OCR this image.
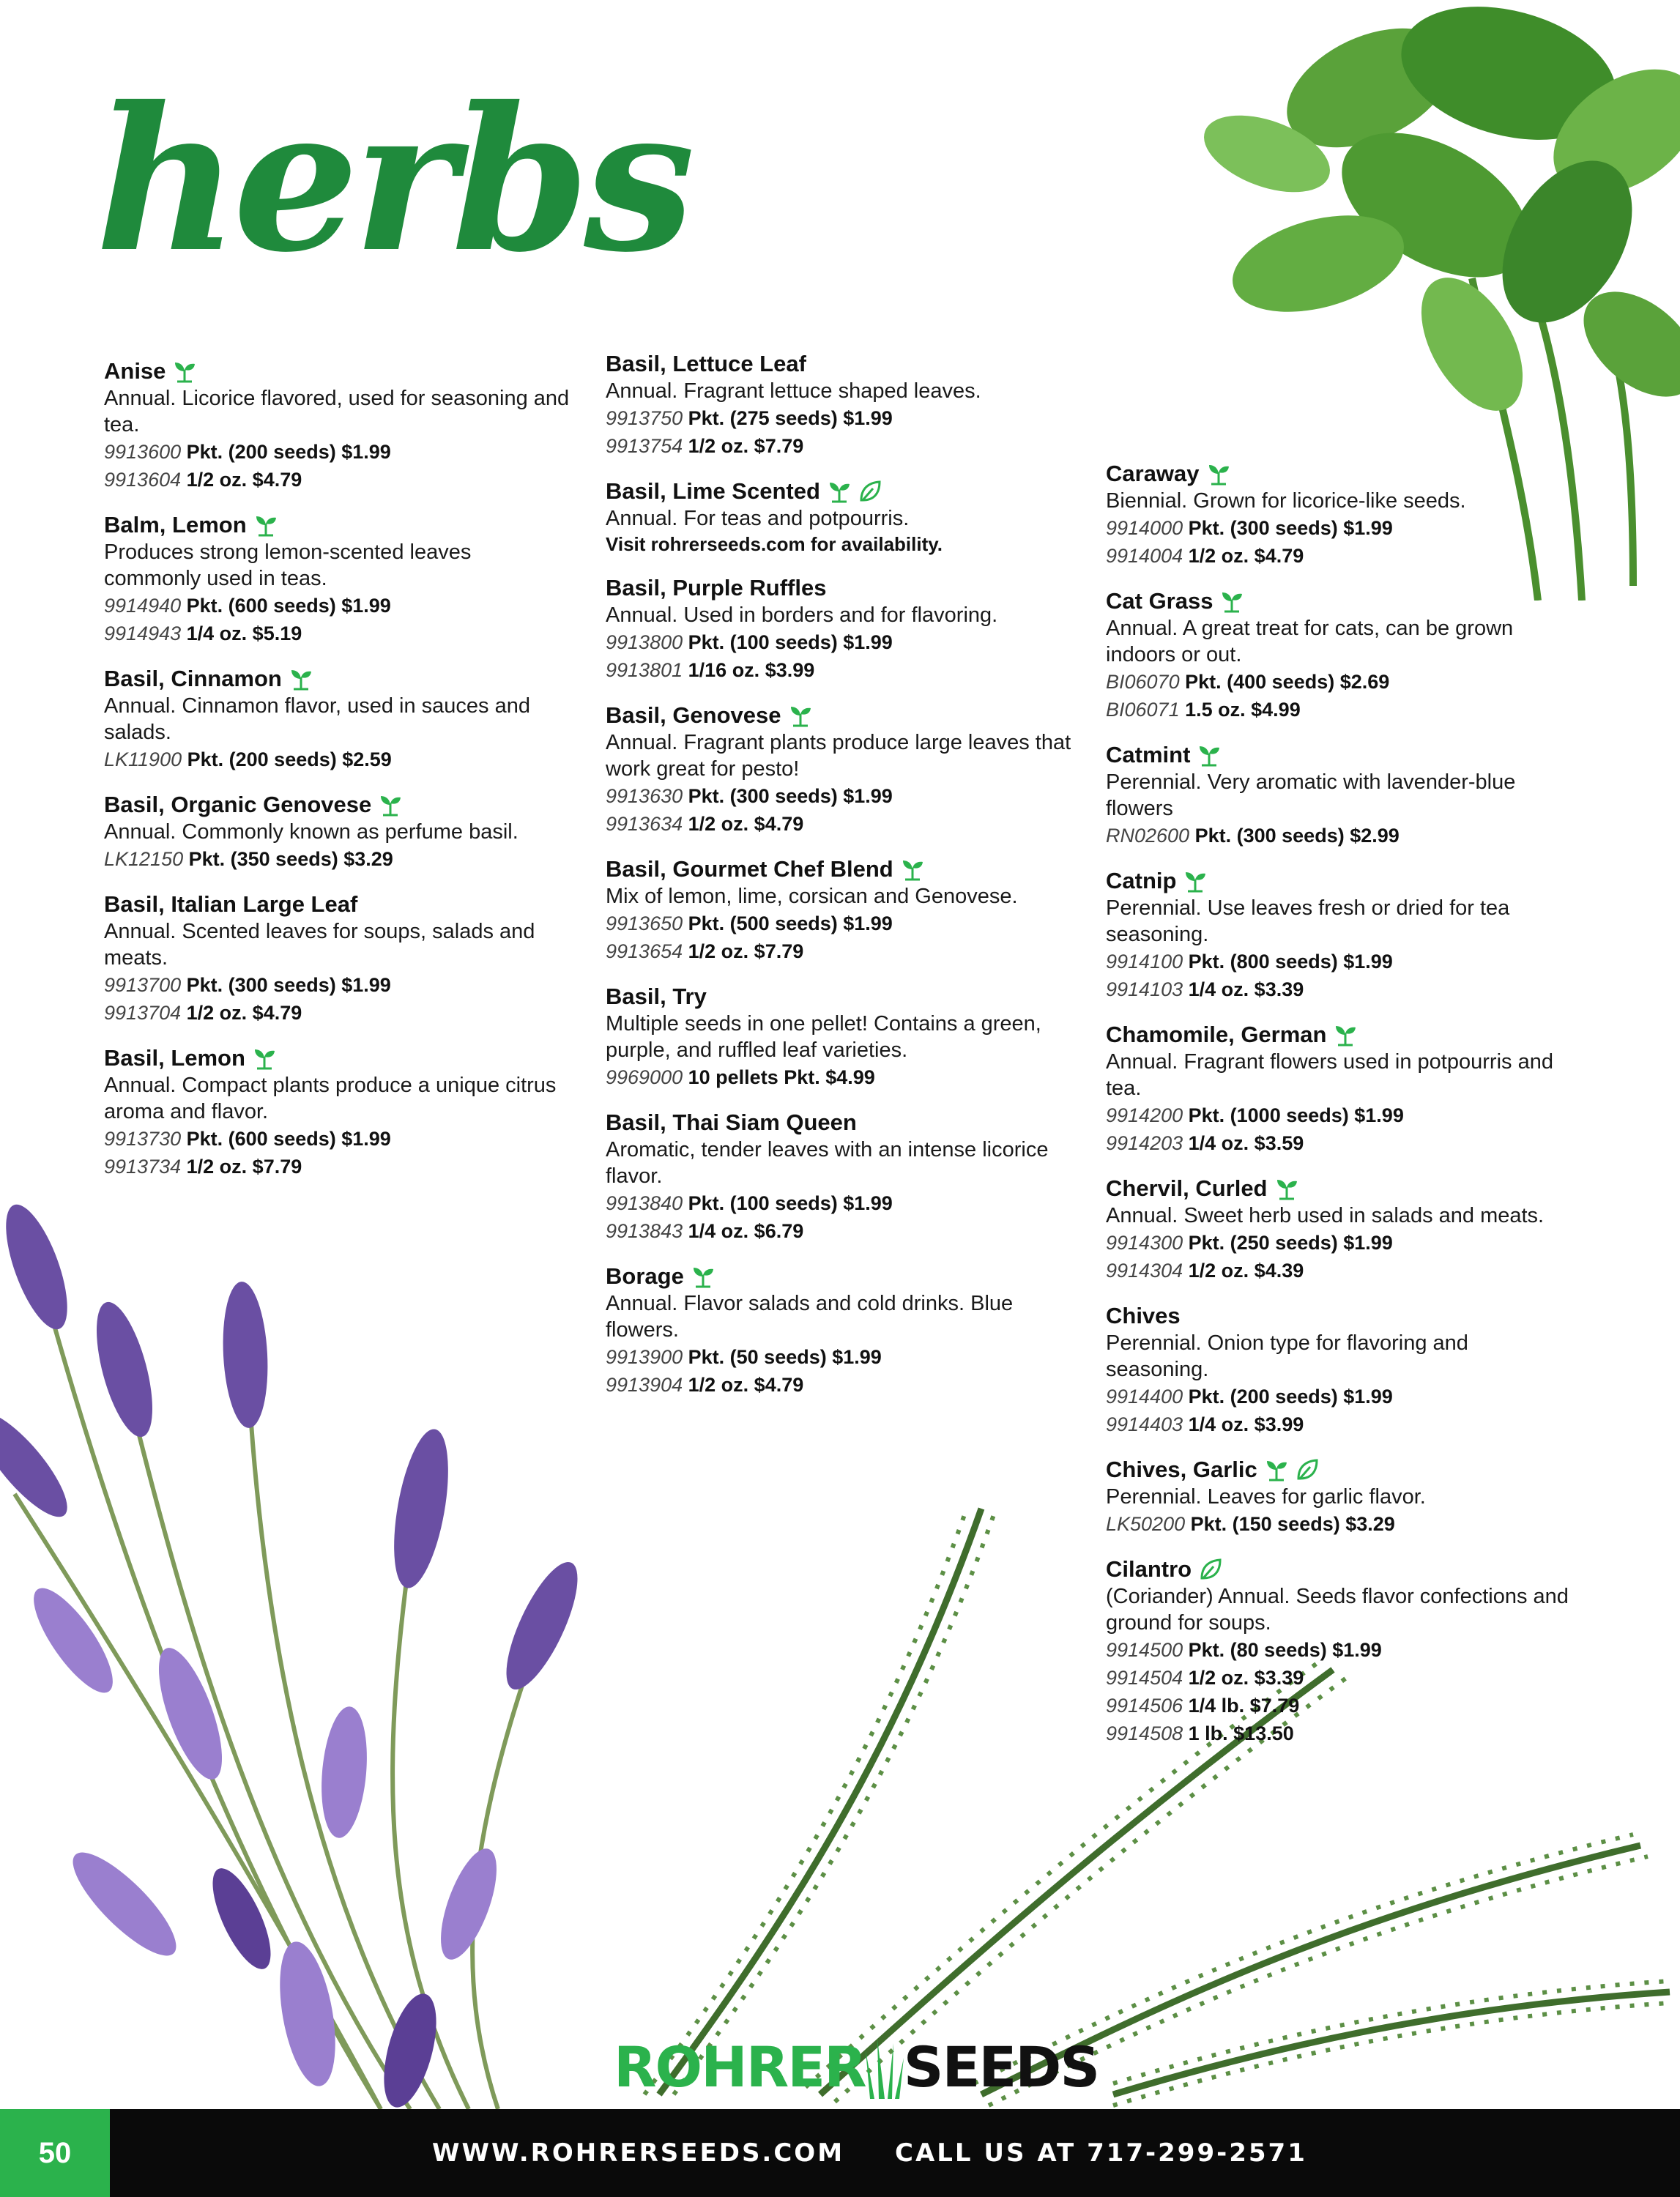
herbs
Anise
Annual. Licorice flavored, used for seasoning and tea.
9913600 Pkt. (200 seeds) $1.99
9913604 1/2 oz. $4.79
Balm, Lemon
Produces strong lemon-scented leaves commonly used in teas.
9914940 Pkt. (600 seeds) $1.99
9914943 1/4 oz. $5.19
Basil, Cinnamon
Annual. Cinnamon flavor, used in sauces and salads.
LK11900 Pkt. (200 seeds) $2.59
Basil, Organic Genovese
Annual. Commonly known as perfume basil.
LK12150 Pkt. (350 seeds) $3.29
Basil, Italian Large Leaf
Annual. Scented leaves for soups, salads and meats.
9913700 Pkt. (300 seeds) $1.99
9913704 1/2 oz. $4.79
Basil, Lemon
Annual. Compact plants produce a unique citrus aroma and flavor.
9913730 Pkt. (600 seeds) $1.99
9913734 1/2 oz. $7.79
Basil, Lettuce Leaf
Annual. Fragrant lettuce shaped leaves.
9913750 Pkt. (275 seeds) $1.99
9913754 1/2 oz. $7.79
Basil, Lime Scented
Annual. For teas and potpourris.
Visit rohrerseeds.com for availability.
Basil, Purple Ruffles
Annual. Used in borders and for flavoring.
9913800 Pkt. (100 seeds) $1.99
9913801 1/16 oz. $3.99
Basil, Genovese
Annual. Fragrant plants produce large leaves that work great for pesto!
9913630 Pkt. (300 seeds) $1.99
9913634 1/2 oz. $4.79
Basil, Gourmet Chef Blend
Mix of lemon, lime, corsican and Genovese.
9913650 Pkt. (500 seeds) $1.99
9913654 1/2 oz. $7.79
Basil, Try
Multiple seeds in one pellet! Contains a green, purple, and ruffled leaf varieties.
9969000 10 pellets Pkt. $4.99
Basil, Thai Siam Queen
Aromatic, tender leaves with an intense licorice flavor.
9913840 Pkt. (100 seeds) $1.99
9913843 1/4 oz. $6.79
Borage
Annual. Flavor salads and cold drinks. Blue flowers.
9913900 Pkt. (50 seeds) $1.99
9913904 1/2 oz. $4.79
Caraway
Biennial. Grown for licorice-like seeds.
9914000 Pkt. (300 seeds) $1.99
9914004 1/2 oz. $4.79
Cat Grass
Annual. A great treat for cats, can be grown indoors or out.
BI06070 Pkt. (400 seeds) $2.69
BI06071 1.5 oz. $4.99
Catmint
Perennial. Very aromatic with lavender-blue flowers
RN02600 Pkt. (300 seeds) $2.99
Catnip
Perennial. Use leaves fresh or dried for tea seasoning.
9914100 Pkt. (800 seeds) $1.99
9914103 1/4 oz. $3.39
Chamomile, German
Annual. Fragrant flowers used in potpourris and tea.
9914200 Pkt. (1000 seeds) $1.99
9914203 1/4 oz. $3.59
Chervil, Curled
Annual. Sweet herb used in salads and meats.
9914300 Pkt. (250 seeds) $1.99
9914304 1/2 oz. $4.39
Chives
Perennial. Onion type for flavoring and seasoning.
9914400 Pkt. (200 seeds) $1.99
9914403 1/4 oz. $3.99
Chives, Garlic
Perennial. Leaves for garlic flavor.
LK50200 Pkt. (150 seeds) $3.29
Cilantro
(Coriander) Annual. Seeds flavor confections and ground for soups.
9914500 Pkt. (80 seeds) $1.99
9914504 1/2 oz. $3.39
9914506 1/4 lb. $7.79
9914508 1 lb. $13.50
ROHRER SEEDS
50	WWW.ROHRERSEEDS.COM CALL US AT 717-299-2571
